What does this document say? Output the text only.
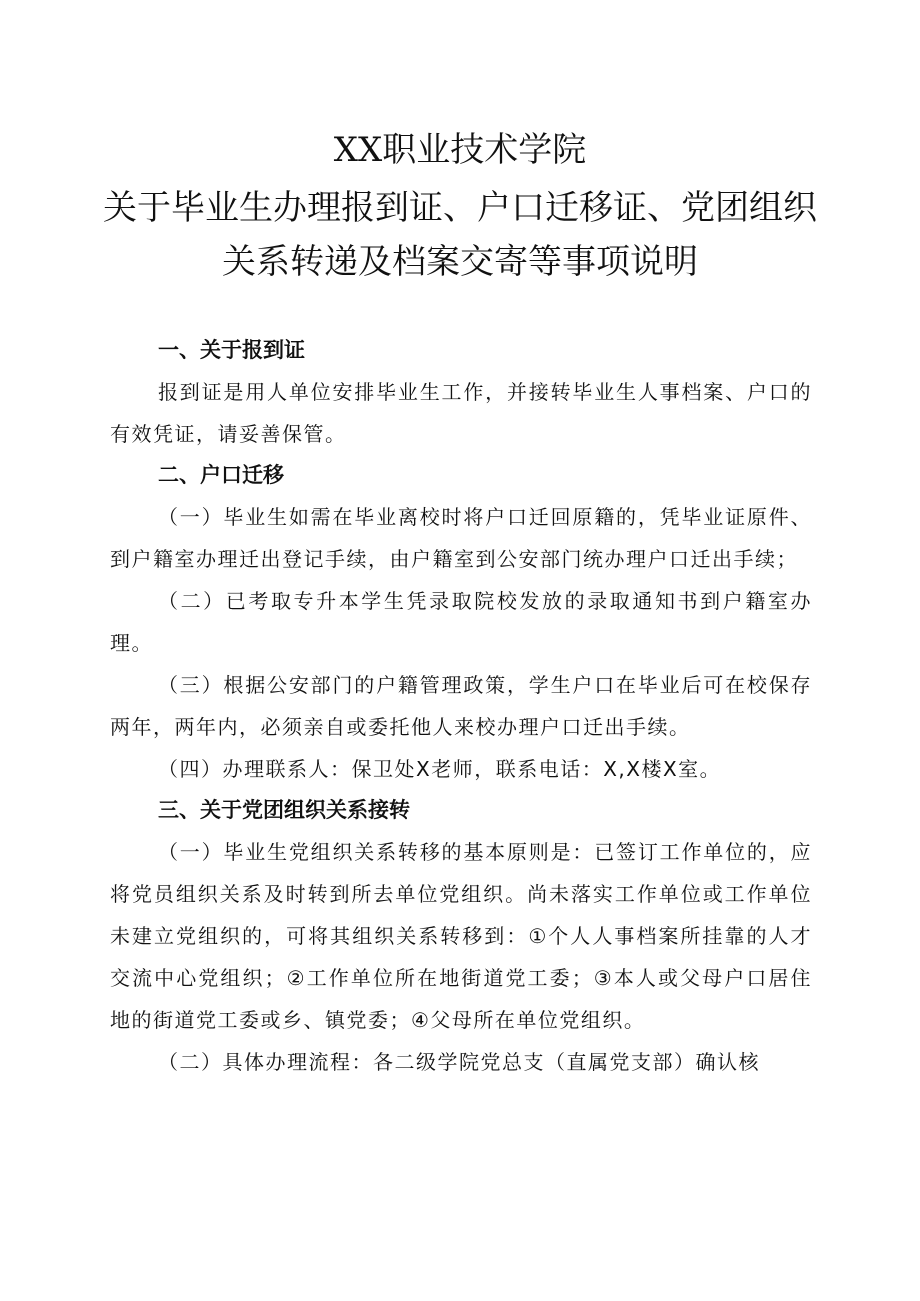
XX职业技术学院
关于毕业生办理报到证、户口迁移证、党团组织
关系转递及档案交寄等事项说明

一、关于报到证

报到证是用人单位安排毕业生工作，并接转毕业生人事档案、户口的有效凭证，请妥善保管。

二、户口迁移

（一）毕业生如需在毕业离校时将户口迁回原籍的，凭毕业证原件、到户籍室办理迁出登记手续，由户籍室到公安部门统办理户口迁出手续；

（二）已考取专升本学生凭录取院校发放的录取通知书到户籍室办理。

（三）根据公安部门的户籍管理政策，学生户口在毕业后可在校保存两年，两年内，必须亲自或委托他人来校办理户口迁出手续。

（四）办理联系人：保卫处X老师，联系电话：X,X楼X室。

三、关于党团组织关系接转

（一）毕业生党组织关系转移的基本原则是：已签订工作单位的，应将党员组织关系及时转到所去单位党组织。尚未落实工作单位或工作单位未建立党组织的，可将其组织关系转移到：①个人人事档案所挂靠的人才交流中心党组织；②工作单位所在地街道党工委；③本人或父母户口居住地的街道党工委或乡、镇党委；④父母所在单位党组织。

（二）具体办理流程：各二级学院党总支（直属党支部）确认核
